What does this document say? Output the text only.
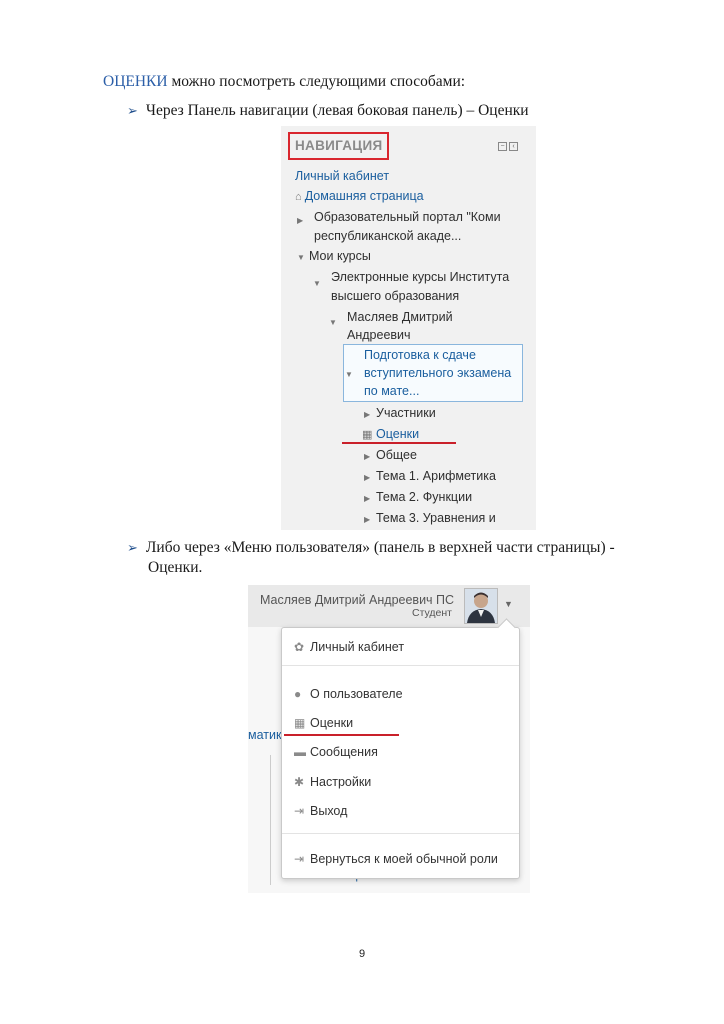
ОЦЕНКИ можно посмотреть следующими способами:
➢ Через Панель навигации (левая боковая панель) – Оценки
НАВИГАЦИЯ	−	‹
Личный кабинет
⌂ Домашняя страница
▶ Образовательный портал "Коми
республиканской акаде...
▼ Мои курсы
▼ Электронные курсы Института
высшего образования
▼ Масляев Дмитрий
Андреевич
▼
Подготовка к сдаче
вступительного экзамена
по мате...
▶ Участники
▦ Оценки
▶ Общее
▶ Тема 1. Арифметика
▶ Тема 2. Функции
▶ Тема 3. Уравнения и
➢ Либо через «Меню пользователя» (панель в верхней части страницы) -
Оценки.
Масляев Дмитрий Андреевич ПС
Студент
▼
матик
✿ Личный кабинет
● О пользователе
▦ Оценки
▬ Сообщения
✱ Настройки
⇥ Выход
⇥ Вернуться к моей обычной роли
9
